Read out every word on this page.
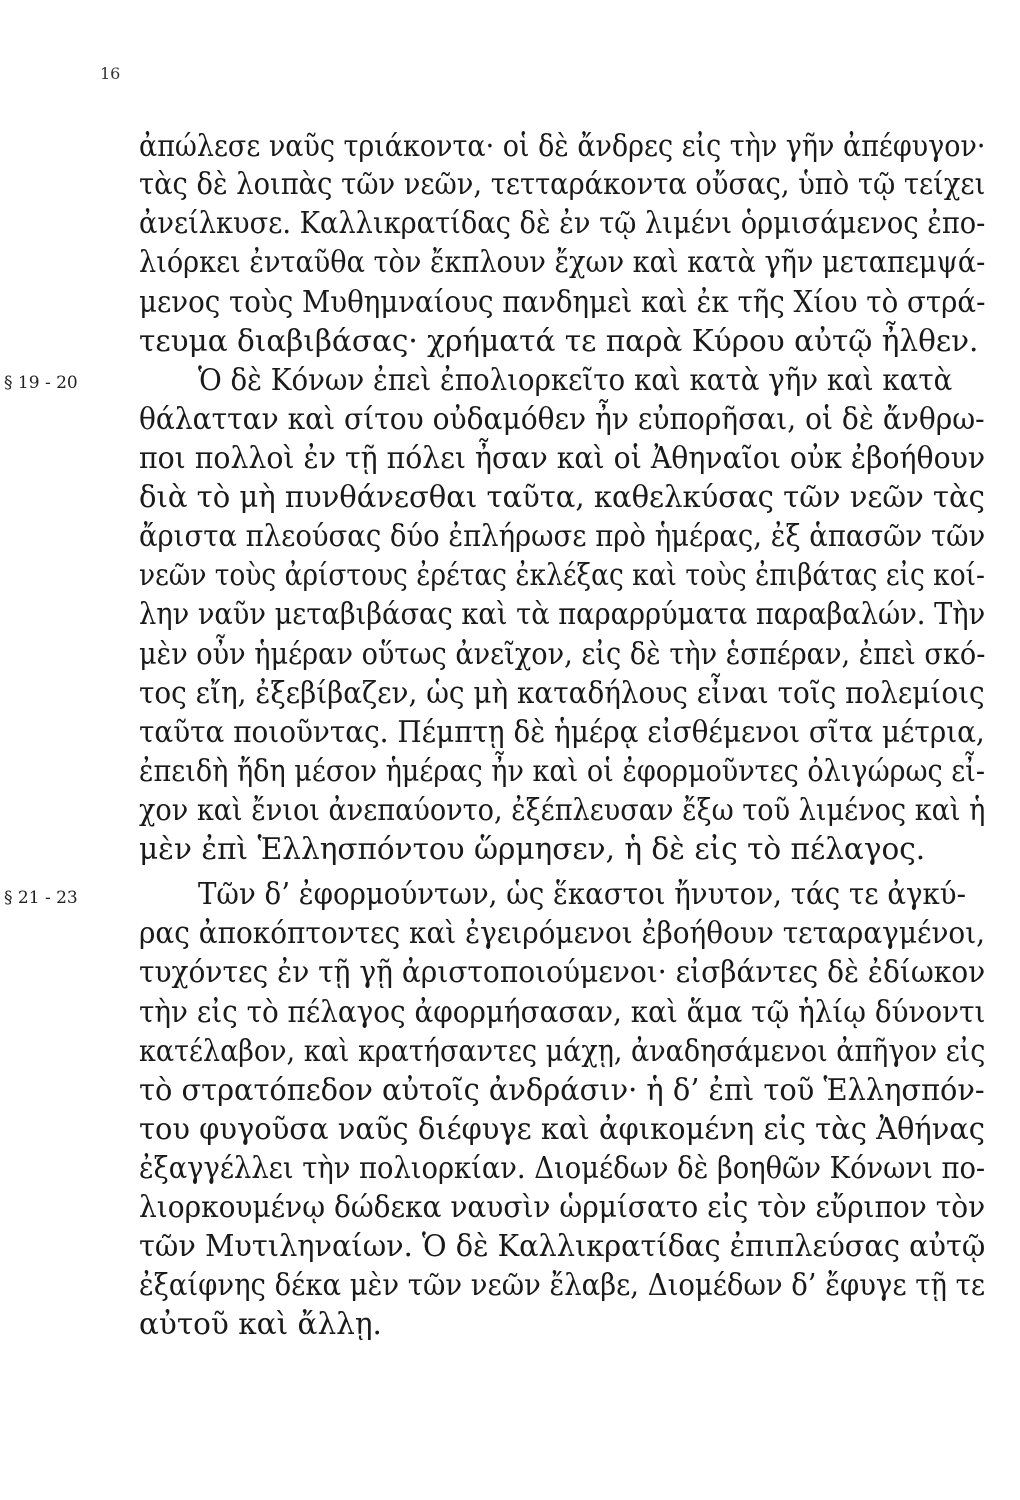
16
ἀπώλεσε ναῦς τριάκοντα· οἱ δὲ ἄνδρες εἰς τὴν γῆν ἀπέφυγον·
τὰς δὲ λοιπὰς τῶν νεῶν, τετταράκοντα οὔσας, ὑπὸ τῷ τείχει
ἀνείλκυσε. Καλλικρατίδας δὲ ἐν τῷ λιμένι ὁρμισάμενος ἐπο-
λιόρκει ἐνταῦθα τὸν ἔκπλουν ἔχων καὶ κατὰ γῆν μεταπεμψά-
μενος τοὺς Μυθημναίους πανδημεὶ καὶ ἐκ τῆς Χίου τὸ στρά-
τευμα διαβιβάσας· χρήματά τε παρὰ Κύρου αὐτῷ ἦλθεν.
§ 19 - 20	Ὁ δὲ Κόνων ἐπεὶ ἐπολιορκεῖτο καὶ κατὰ γῆν καὶ κατὰ
θάλατταν καὶ σίτου οὐδαμόθεν ἦν εὐπορῆσαι, οἱ δὲ ἄνθρω-
ποι πολλοὶ ἐν τῇ πόλει ἦσαν καὶ οἱ Ἀθηναῖοι οὐκ ἐβοήθουν
διὰ τὸ μὴ πυνθάνεσθαι ταῦτα, καθελκύσας τῶν νεῶν τὰς
ἄριστα πλεούσας δύο ἐπλήρωσε πρὸ ἡμέρας, ἐξ ἁπασῶν τῶν
νεῶν τοὺς ἀρίστους ἐρέτας ἐκλέξας καὶ τοὺς ἐπιβάτας εἰς κοί-
λην ναῦν μεταβιβάσας καὶ τὰ παραρρύματα παραβαλών. Τὴν
μὲν οὖν ἡμέραν οὕτως ἀνεῖχον, εἰς δὲ τὴν ἑσπέραν, ἐπεὶ σκό-
τος εἴη, ἐξεβίβαζεν, ὡς μὴ καταδήλους εἶναι τοῖς πολεμίοις
ταῦτα ποιοῦντας. Πέμπτῃ δὲ ἡμέρᾳ εἰσθέμενοι σῖτα μέτρια,
ἐπειδὴ ἤδη μέσον ἡμέρας ἦν καὶ οἱ ἐφορμοῦντες ὀλιγώρως εἶ-
χον καὶ ἔνιοι ἀνεπαύοντο, ἐξέπλευσαν ἔξω τοῦ λιμένος καὶ ἡ
μὲν ἐπὶ Ἑλλησπόντου ὥρμησεν, ἡ δὲ εἰς τὸ πέλαγος.
§ 21 - 23	Τῶν δ’ ἐφορμούντων, ὡς ἕκαστοι ἤνυτον, τάς τε ἀγκύ-
ρας ἀποκόπτοντες καὶ ἐγειρόμενοι ἐβοήθουν τεταραγμένοι,
τυχόντες ἐν τῇ γῇ ἀριστοποιούμενοι· εἰσβάντες δὲ ἐδίωκον
τὴν εἰς τὸ πέλαγος ἀφορμήσασαν, καὶ ἅμα τῷ ἡλίῳ δύνοντι
κατέλαβον, καὶ κρατήσαντες μάχῃ, ἀναδησάμενοι ἀπῆγον εἰς
τὸ στρατόπεδον αὐτοῖς ἀνδράσιν· ἡ δ’ ἐπὶ τοῦ Ἑλλησπόν-
του φυγοῦσα ναῦς διέφυγε καὶ ἀφικομένη εἰς τὰς Ἀθήνας
ἐξαγγέλλει τὴν πολιορκίαν. Διομέδων δὲ βοηθῶν Κόνωνι πο-
λιορκουμένῳ δώδεκα ναυσὶν ὡρμίσατο εἰς τὸν εὔριπον τὸν
τῶν Μυτιληναίων. Ὁ δὲ Καλλικρατίδας ἐπιπλεύσας αὐτῷ
ἐξαίφνης δέκα μὲν τῶν νεῶν ἔλαβε, Διομέδων δ’ ἔφυγε τῇ τε
αὐτοῦ καὶ ἄλλῃ.
